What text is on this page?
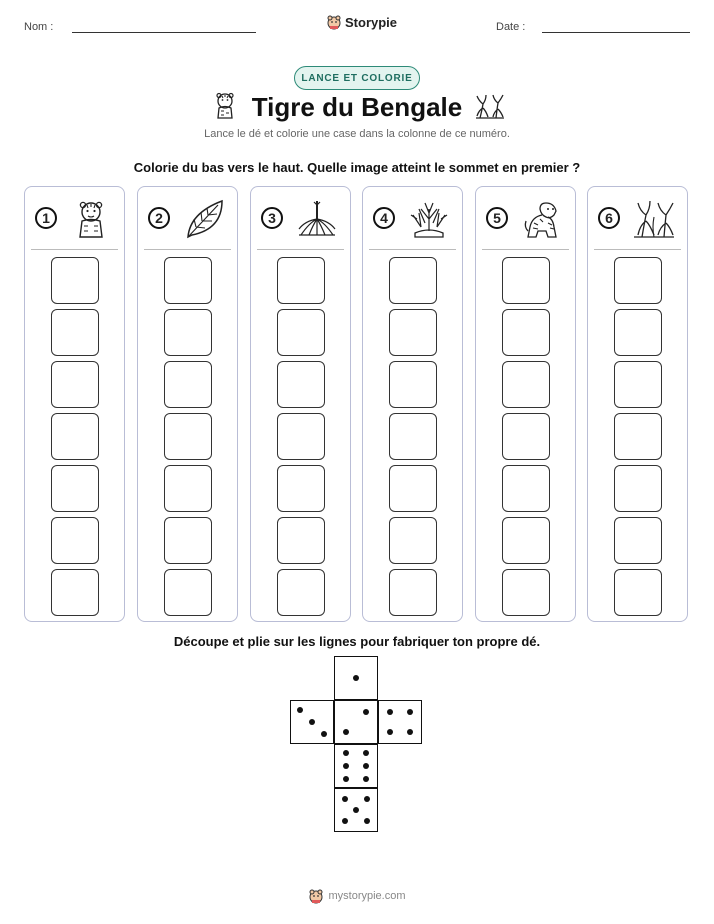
Nom :	Storypie	Date :
LANCE ET COLORIE
Tigre du Bengale
Lance le dé et colorie une case dans la colonne de ce numéro.
Colorie du bas vers le haut. Quelle image atteint le sommet en premier ?
1	2	3	4	5	6
Découpe et plie sur les lignes pour fabriquer ton propre dé.
mystorypie.com
